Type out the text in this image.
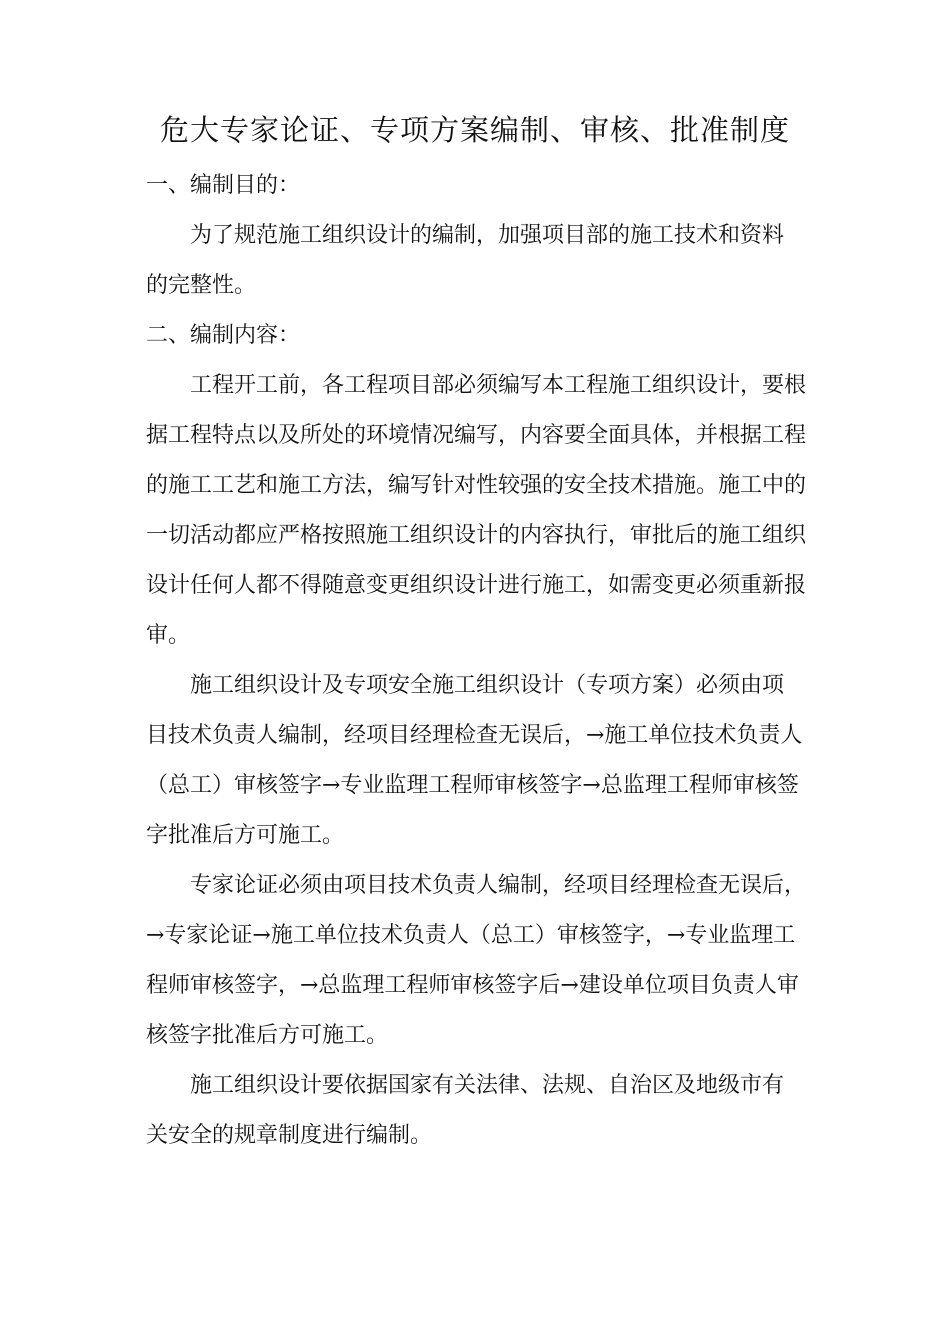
危大专家论证、专项方案编制、审核、批准制度
一、编制目的：
为了规范施工组织设计的编制，加强项目部的施工技术和资料
的完整性。
二、编制内容：
工程开工前，各工程项目部必须编写本工程施工组织设计，要根
据工程特点以及所处的环境情况编写，内容要全面具体，并根据工程
的施工工艺和施工方法，编写针对性较强的安全技术措施。施工中的
一切活动都应严格按照施工组织设计的内容执行，审批后的施工组织
设计任何人都不得随意变更组织设计进行施工，如需变更必须重新报
审。
施工组织设计及专项安全施工组织设计（专项方案）必须由项
目技术负责人编制，经项目经理检查无误后，→施工单位技术负责人
（总工）审核签字→专业监理工程师审核签字→总监理工程师审核签
字批准后方可施工。
专家论证必须由项目技术负责人编制，经项目经理检查无误后，
→专家论证→施工单位技术负责人（总工）审核签字，→专业监理工
程师审核签字，→总监理工程师审核签字后→建设单位项目负责人审
核签字批准后方可施工。
施工组织设计要依据国家有关法律、法规、自治区及地级市有
关安全的规章制度进行编制。
